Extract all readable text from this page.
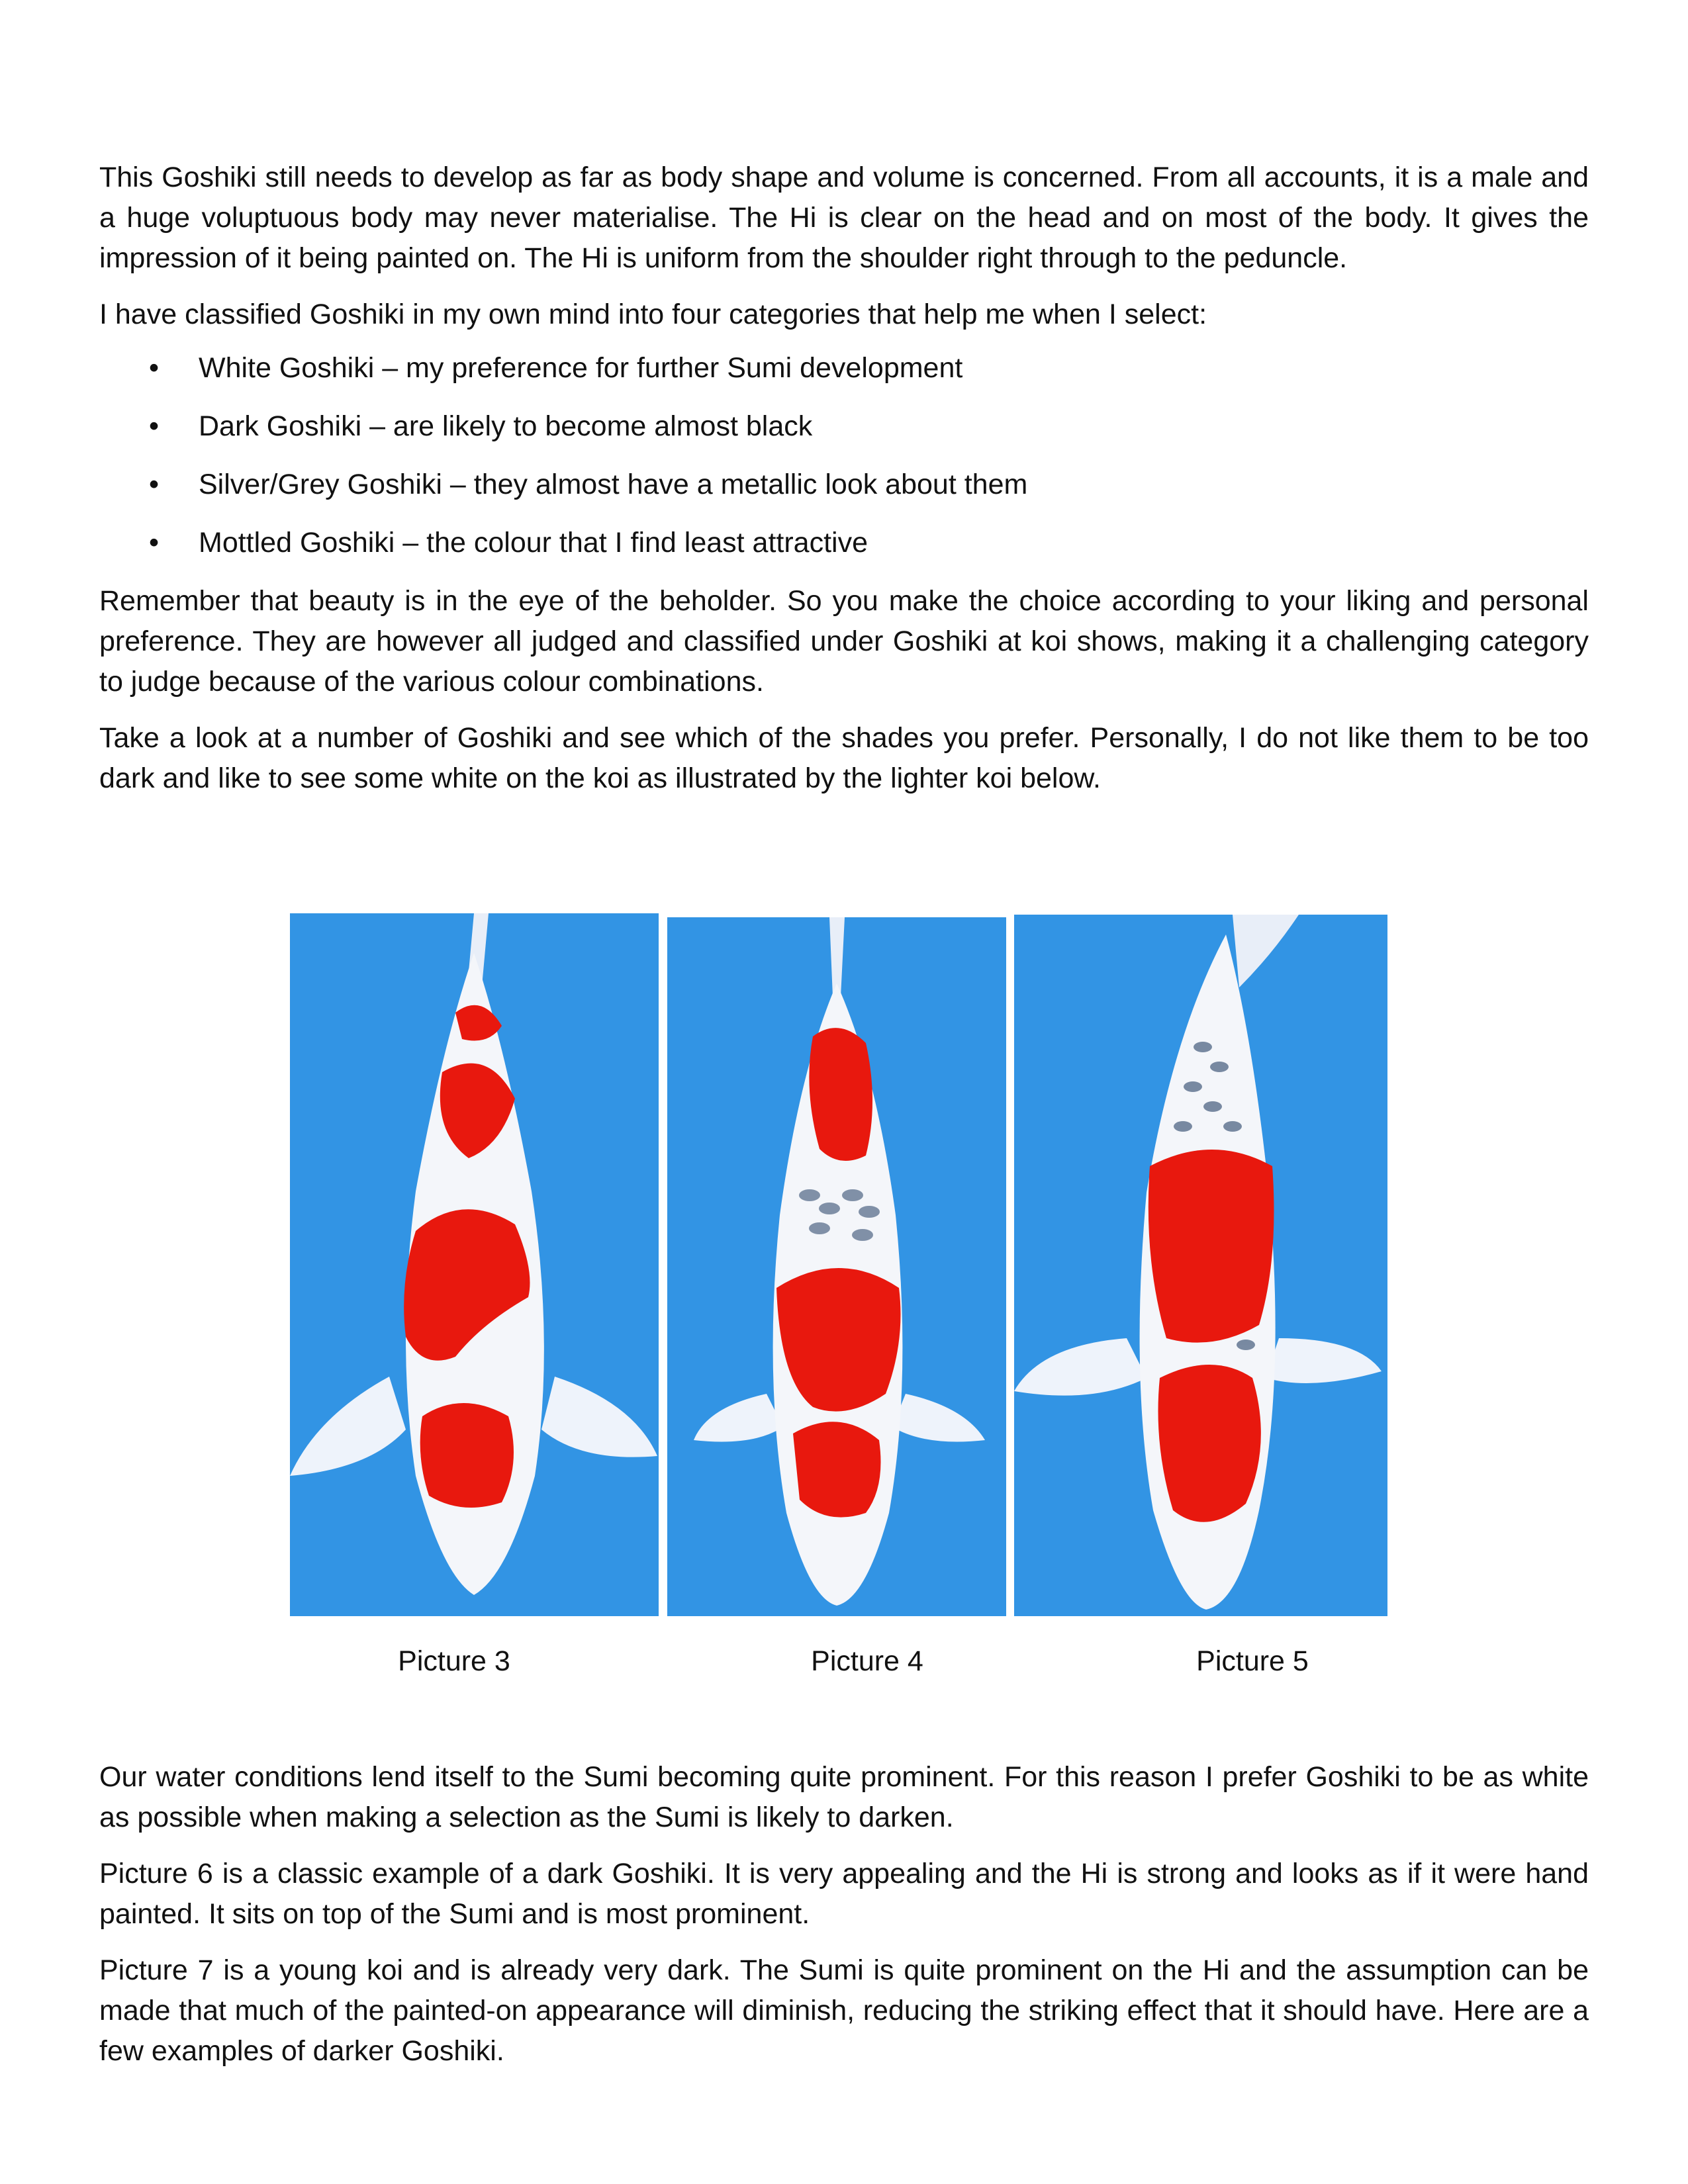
This Goshiki still needs to develop as far as body shape and volume is concerned. From all accounts, it is a male and a huge voluptuous body may never materialise. The Hi is clear on the head and on most of the body. It gives the impression of it being painted on. The Hi is uniform from the shoulder right through to the peduncle.

I have classified Goshiki in my own mind into four categories that help me when I select:

• White Goshiki – my preference for further Sumi development
• Dark Goshiki – are likely to become almost black
• Silver/Grey Goshiki – they almost have a metallic look about them
• Mottled Goshiki – the colour that I find least attractive

Remember that beauty is in the eye of the beholder. So you make the choice according to your liking and personal preference. They are however all judged and classified under Goshiki at koi shows, making it a challenging category to judge because of the various colour combinations.

Take a look at a number of Goshiki and see which of the shades you prefer. Personally, I do not like them to be too dark and like to see some white on the koi as illustrated by the lighter koi below.

Picture 3	Picture 4	Picture 5

Our water conditions lend itself to the Sumi becoming quite prominent. For this reason I prefer Goshiki to be as white as possible when making a selection as the Sumi is likely to darken.

Picture 6 is a classic example of a dark Goshiki. It is very appealing and the Hi is strong and looks as if it were hand painted. It sits on top of the Sumi and is most prominent.

Picture 7 is a young koi and is already very dark. The Sumi is quite prominent on the Hi and the assumption can be made that much of the painted-on appearance will diminish, reducing the striking effect that it should have. Here are a few examples of darker Goshiki.
